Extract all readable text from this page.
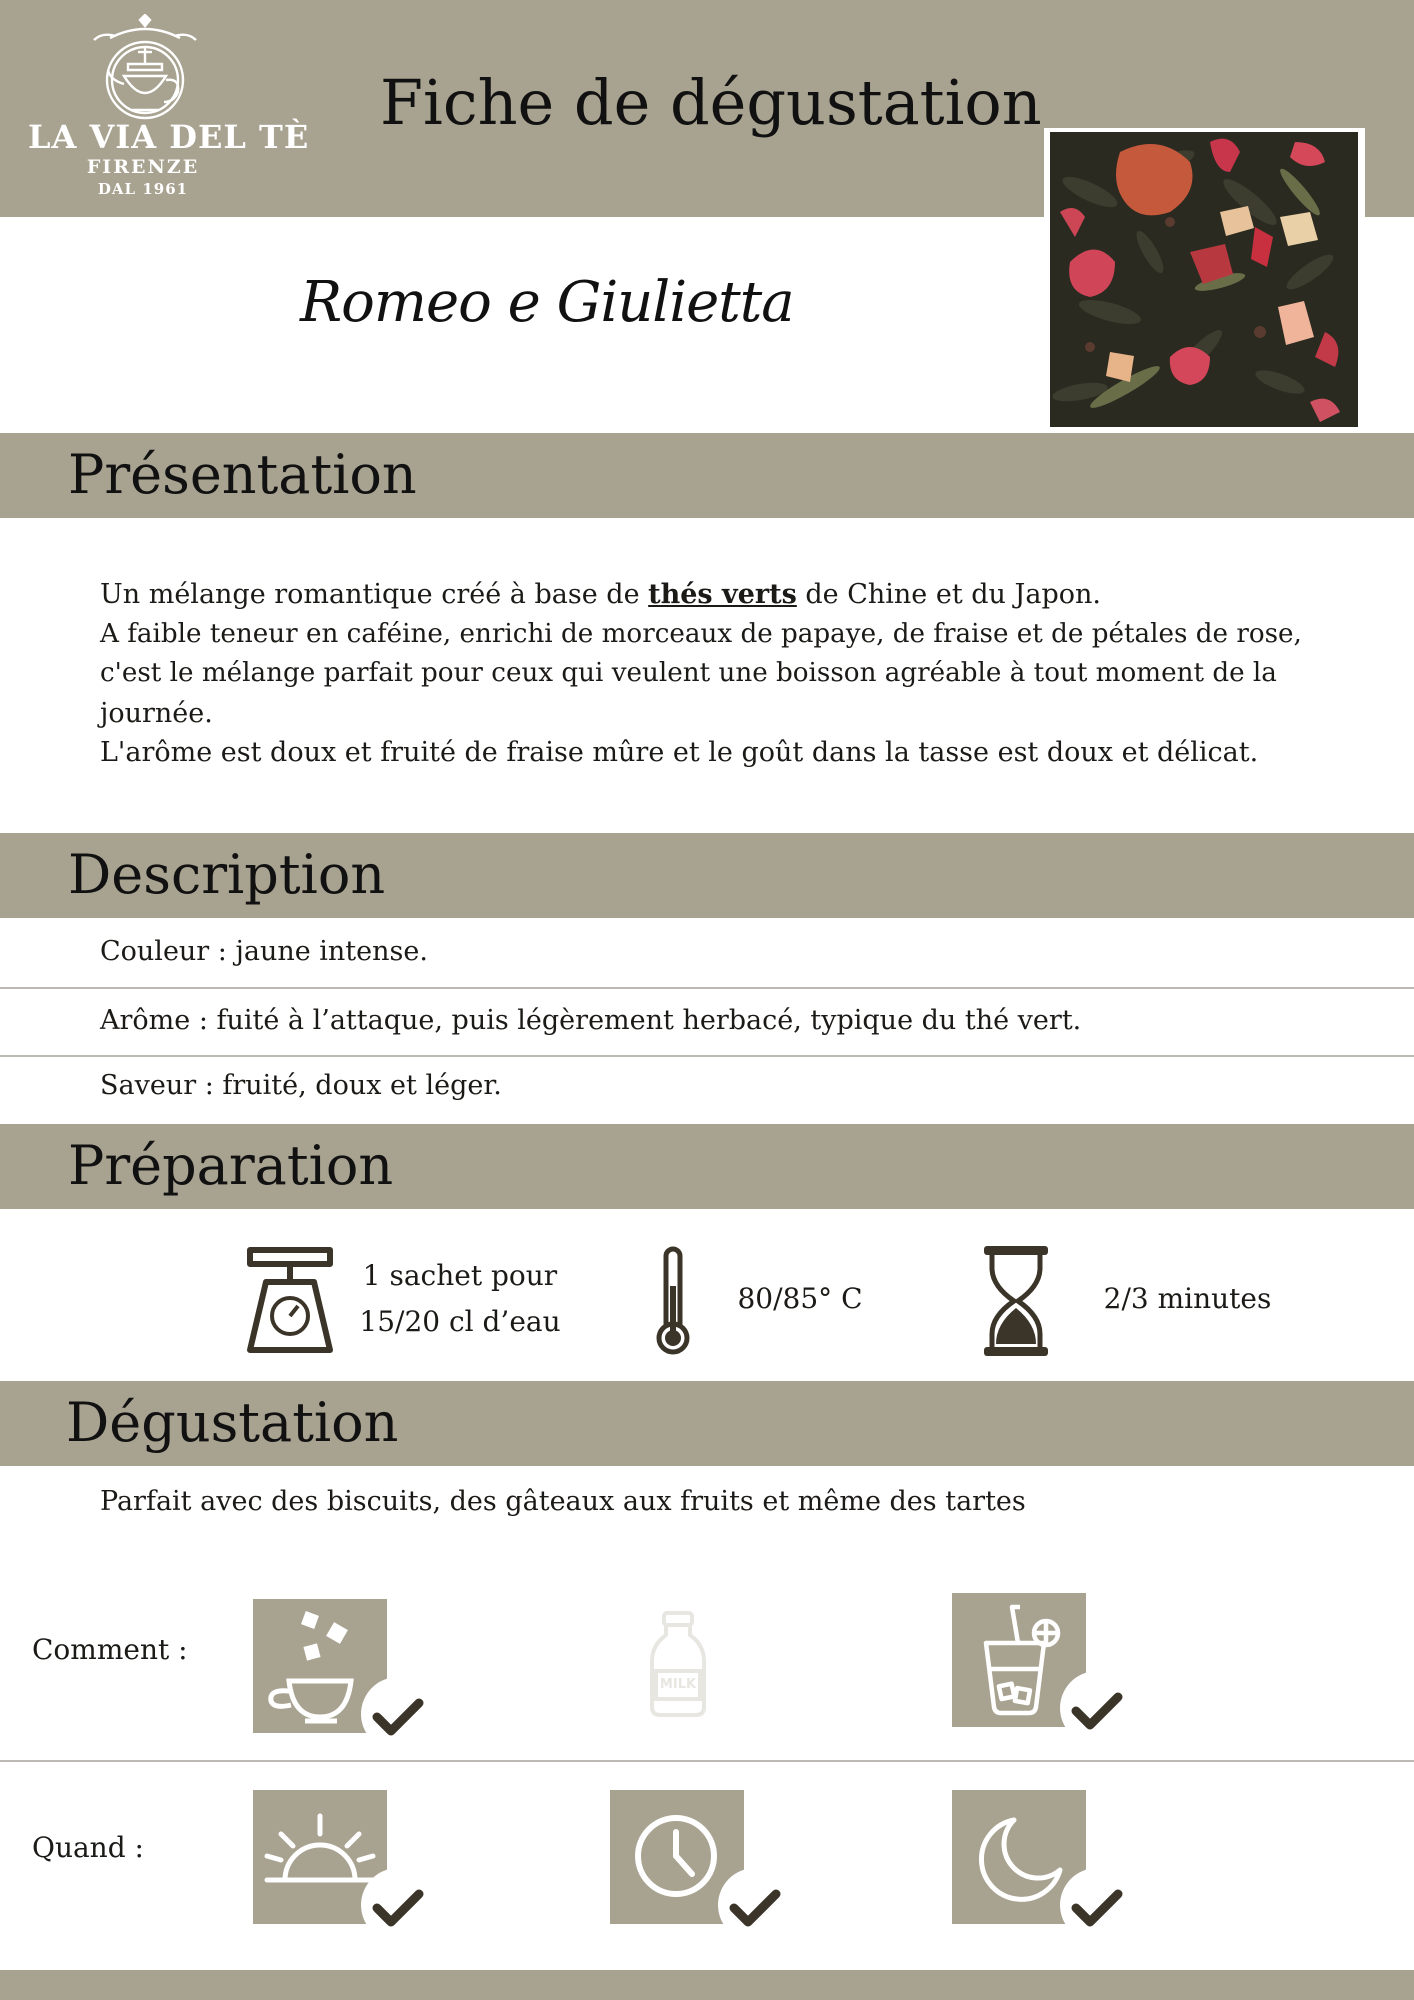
LA VIA DEL TÈ
FIRENZE
DAL 1961
Fiche de dégustation
Romeo e Giulietta
Présentation
Un mélange romantique créé à base de thés verts de Chine et du Japon.
A faible teneur en caféine, enrichi de morceaux de papaye, de fraise et de pétales de rose,
c'est le mélange parfait pour ceux qui veulent une boisson agréable à tout moment de la
journée.
L'arôme est doux et fruité de fraise mûre et le goût dans la tasse est doux et délicat.
Description
Couleur : jaune intense.
Arôme : fuité à l’attaque, puis légèrement herbacé, typique du thé vert.
Saveur : fruité, doux et léger.
Préparation
1 sachet pour
15/20 cl d’eau
80/85° C	2/3 minutes
Dégustation
Parfait avec des biscuits, des gâteaux aux fruits et même des tartes
Comment :
MILK
Quand :
